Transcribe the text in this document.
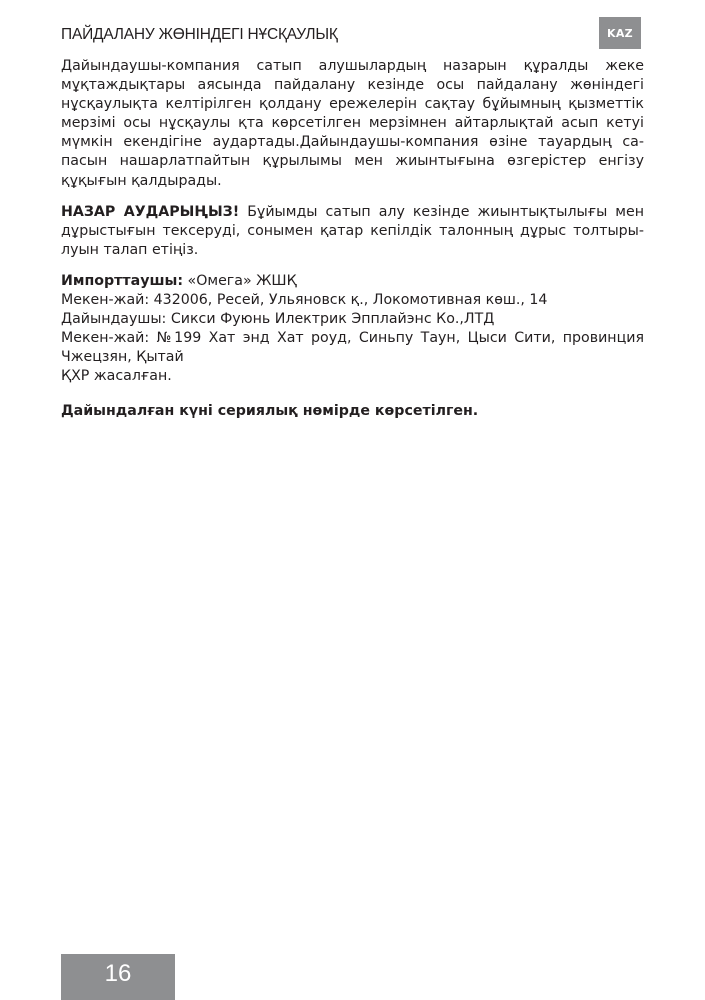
ПАЙДАЛАНУ ЖӨНІНДЕГІ НҰСҚАУЛЫҚ	KAZ
Дайындаушы-компания сатып алушылардың назарын құралды жеке
мұқтаждықтары аясында пайдалану кезінде осы пайдалану жөніндегі
нұсқаулықта келтірілген қолдану ережелерін сақтау бұйымның қызметтік
мерзімі осы нұсқаулы қта көрсетілген мерзімнен айтарлықтай асып кетуі
мүмкін екендігіне аудартады.Дайындаушы-компания өзіне тауардың са-
пасын нашарлатпайтын құрылымы мен жиынтығына өзгерістер енгізу
құқығын қалдырады.
НАЗАР АУДАРЫҢЫЗ! Бұйымды сатып алу кезінде жиынтықтылығы мен
дұрыстығын тексеруді, сонымен қатар кепілдік талонның дұрыс толтыры-
луын талап етіңіз.
Импорттаушы: «Омега» ЖШҚ
Мекен-жай: 432006, Ресей, Ульяновск қ., Локомотивная көш., 14
Дайындаушы: Сикси Фуюнь Илектрик Эпплайэнс Ко.,ЛТД
Мекен-жай: №199 Хат энд Хат роуд, Синьпу Таун, Цыси Сити, провинция
Чжецзян, Қытай
ҚХР жасалған.
Дайындалған күні сериялық нөмірде көрсетілген.
16
